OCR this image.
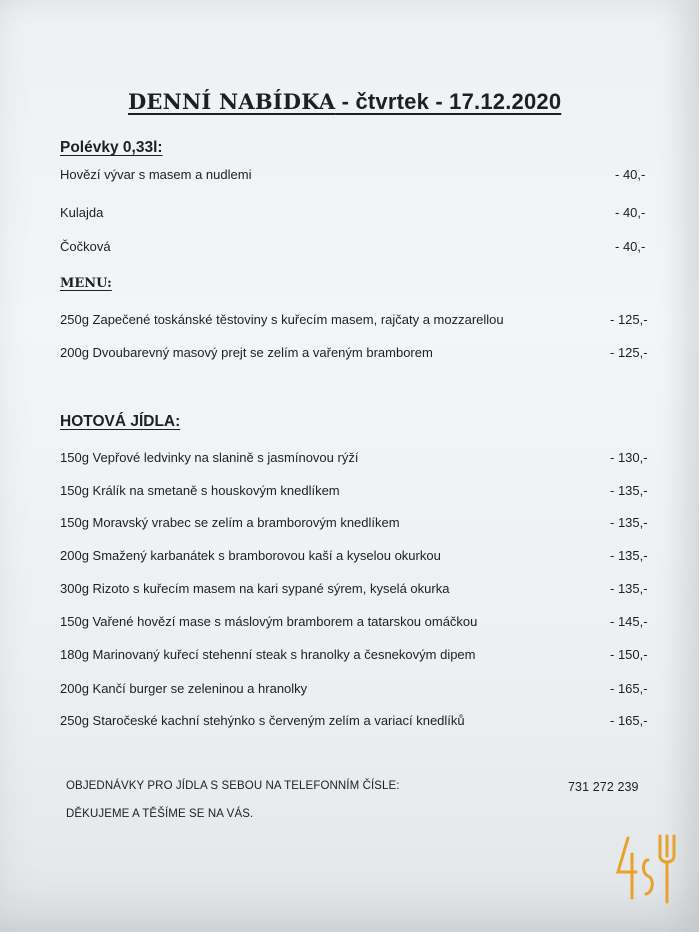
DENNÍ NABÍDKA - čtvrtek - 17.12.2020
Polévky 0,33l:
Hovězí vývar s masem a nudlemi	- 40,-
Kulajda	- 40,-
Čočková	- 40,-
MENU:
250g Zapečené toskánské těstoviny s kuřecím masem, rajčaty a mozzarellou	- 125,-
200g Dvoubarevný masový prejt se zelím a vařeným bramborem	- 125,-
HOTOVÁ JÍDLA:
150g Vepřové ledvinky na slanině s jasmínovou rýží	- 130,-
150g Králík na smetaně s houskovým knedlíkem	- 135,-
150g Moravský vrabec se zelím a bramborovým knedlíkem	- 135,-
200g Smažený karbanátek s bramborovou kaší a kyselou okurkou	- 135,-
300g Rizoto s kuřecím masem na kari sypané sýrem, kyselá okurka	- 135,-
150g Vařené hovězí mase s máslovým bramborem a tatarskou omáčkou	- 145,-
180g Marinovaný kuřecí stehenní steak s hranolky a česnekovým dipem	- 150,-
200g Kančí burger se zeleninou a hranolky	- 165,-
250g Staročeské kachní stehýnko s červeným zelím a variací knedlíků	- 165,-
OBJEDNÁVKY PRO JÍDLA S SEBOU NA TELEFONNÍM ČÍSLE:	731 272 239
DĚKUJEME A TĚŠÍME SE NA VÁS.
